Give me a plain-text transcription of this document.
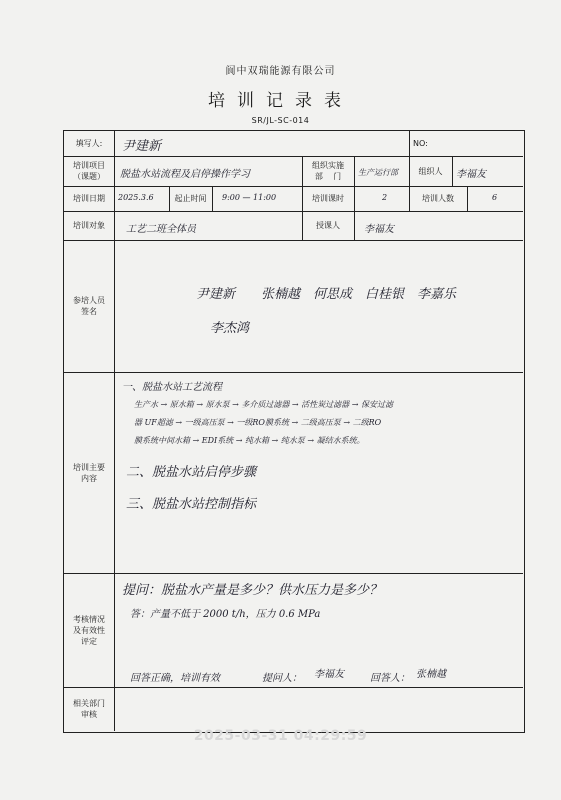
阆中双瑞能源有限公司
培训记录表
SR/JL-SC-014
填写人:	尹建新	NO:
培训项目
（课题）	脱盐水站流程及启停操作学习
组织实施
部    门	生产运行部	组织人	李福友
培训日期	2025.3.6	起止时间	9:00 — 11:00	培训课时	2	培训人数	6
培训对象	工艺二班全体员	授课人	李福友
参培人员
签名
尹建新　　张楠越　何思成　白桂银　李嘉乐
李杰鸿
培训主要
内容
一、脱盐水站工艺流程
生产水 → 原水箱 → 原水泵 → 多介质过滤器 → 活性炭过滤器 → 保安过滤
器 UF超滤 → 一级高压泵 → 一级RO膜系统 → 二级高压泵 → 二级RO
膜系统中间水箱 → EDI系统 → 纯水箱 → 纯水泵 → 凝结水系统。
二、脱盐水站启停步骤
三、脱盐水站控制指标
考核情况
及有效性
评定
提问：脱盐水产量是多少？供水压力是多少？
答：产量不低于 2000 t/h，压力 0.6 MPa
回答正确，培训有效	提问人： 李福友	回答人： 张楠越
相关部门
审核
2025-03-31 04:29:59
